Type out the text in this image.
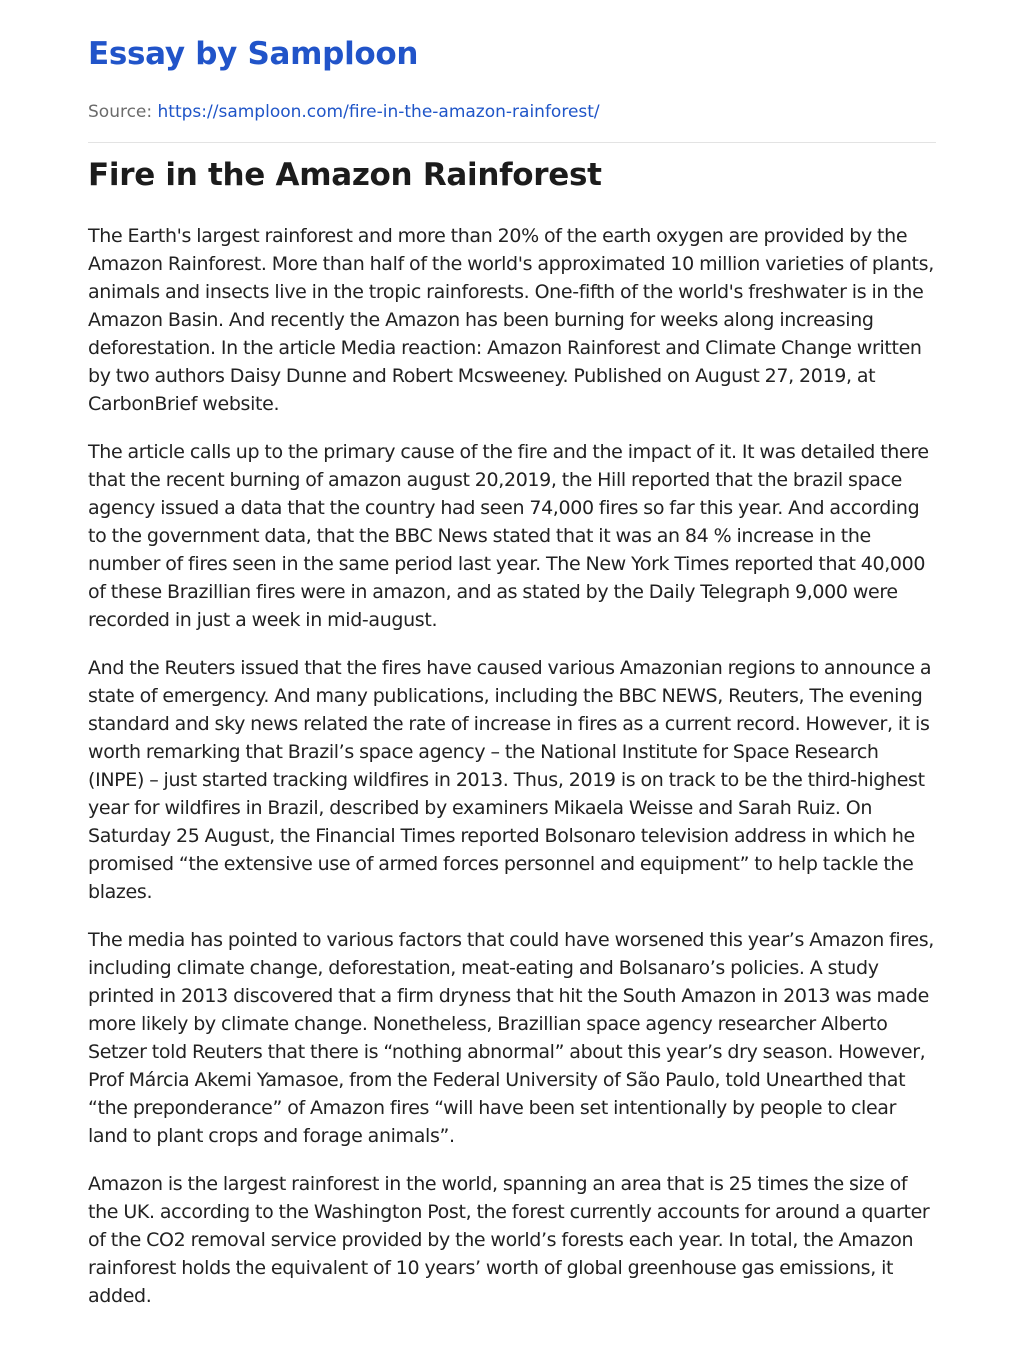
Essay by Samploon
Source: https://samploon.com/fire-in-the-amazon-rainforest/
Fire in the Amazon Rainforest

The Earth's largest rainforest and more than 20% of the earth oxygen are provided by the Amazon Rainforest. More than half of the world's approximated 10 million varieties of plants, animals and insects live in the tropic rainforests. One-fifth of the world's freshwater is in the Amazon Basin. And recently the Amazon has been burning for weeks along increasing deforestation. In the article Media reaction: Amazon Rainforest and Climate Change written by two authors Daisy Dunne and Robert Mcsweeney. Published on August 27, 2019, at CarbonBrief website.

The article calls up to the primary cause of the fire and the impact of it. It was detailed there that the recent burning of amazon august 20,2019, the Hill reported that the brazil space agency issued a data that the country had seen 74,000 fires so far this year. And according to the government data, that the BBC News stated that it was an 84 % increase in the number of fires seen in the same period last year. The New York Times reported that 40,000 of these Brazillian fires were in amazon, and as stated by the Daily Telegraph 9,000 were recorded in just a week in mid-august.

And the Reuters issued that the fires have caused various Amazonian regions to announce a state of emergency. And many publications, including the BBC NEWS, Reuters, The evening standard and sky news related the rate of increase in fires as a current record. However, it is worth remarking that Brazil’s space agency – the National Institute for Space Research (INPE) – just started tracking wildfires in 2013. Thus, 2019 is on track to be the third-highest year for wildfires in Brazil, described by examiners Mikaela Weisse and Sarah Ruiz. On Saturday 25 August, the Financial Times reported Bolsonaro television address in which he promised “the extensive use of armed forces personnel and equipment” to help tackle the blazes.

The media has pointed to various factors that could have worsened this year’s Amazon fires, including climate change, deforestation, meat-eating and Bolsanaro’s policies. A study printed in 2013 discovered that a firm dryness that hit the South Amazon in 2013 was made more likely by climate change. Nonetheless, Brazillian space agency researcher Alberto Setzer told Reuters that there is “nothing abnormal” about this year’s dry season. However, Prof Márcia Akemi Yamasoe, from the Federal University of São Paulo, told Unearthed that “the preponderance” of Amazon fires “will have been set intentionally by people to clear land to plant crops and forage animals”.

Amazon is the largest rainforest in the world, spanning an area that is 25 times the size of the UK. according to the Washington Post, the forest currently accounts for around a quarter of the CO2 removal service provided by the world’s forests each year. In total, the Amazon rainforest holds the equivalent of 10 years’ worth of global greenhouse gas emissions, it added.
